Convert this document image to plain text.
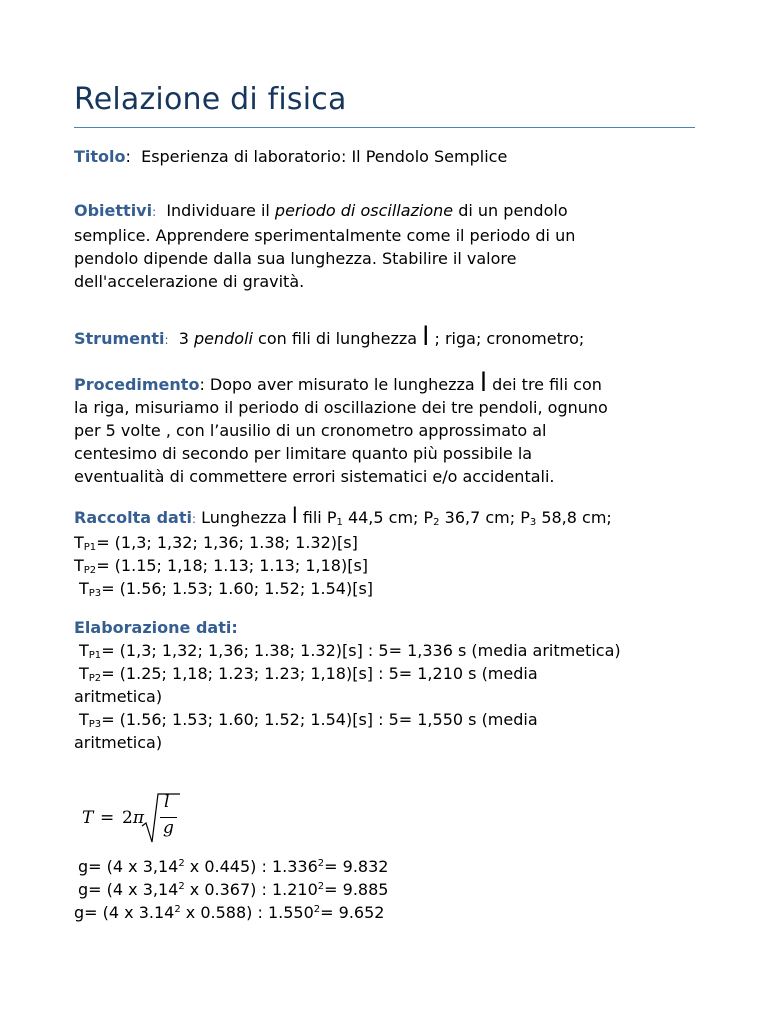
Relazione di fisica
Titolo: Esperienza di laboratorio: Il Pendolo Semplice
Obiettivi: Individuare il periodo di oscillazione di un pendolo
semplice. Apprendere sperimentalmente come il periodo di un
pendolo dipende dalla sua lunghezza. Stabilire il valore
dell'accelerazione di gravità.
Strumenti: 3 pendoli con fili di lunghezza l ; riga; cronometro;
Procedimento: Dopo aver misurato le lunghezza l dei tre fili con
la riga, misuriamo il periodo di oscillazione dei tre pendoli, ognuno
per 5 volte , con l’ausilio di un cronometro approssimato al
centesimo di secondo per limitare quanto più possibile la
eventualità di commettere errori sistematici e/o accidentali.
Raccolta dati: Lunghezza l fili $P_1$ 44,5 cm; $P_2$ 36,7 cm; $P_3$ 58,8 cm;
$T_{P1}= (1,3$; 1,32; 1,36; 1.38; 1.32)[s]
$T_{P2}= (1.15$; 1,18; 1.13; 1.13; 1,18)[s]
$T_{P3}= (1.56$; 1.53; 1.60; 1.52; 1.54)[s]
Elaborazione dati:
$T_{P1}= (1,3$; 1,32; 1,36; 1.38; 1.32)[s] : 5= 1,336 s (media aritmetica)
$T_{P2}= (1.25$; 1,18; 1.23; 1.23; 1,18)[s] : 5= 1,210 s (media
aritmetica)
$T_{P3}= (1.56$; 1.53; 1.60; 1.52; 1.54)[s] : 5= 1,550 s (media
aritmetica)
T = 2π
l
g
g= (4 x 3,14$^2$ x 0.445) : $1.336^2= 9.832$
g= (4 x 3,14$^2$ x 0.367) : $1.210^2= 9.885$
g= (4 x 3.14$^2$ x 0.588) : $1.550^2= 9.652$
